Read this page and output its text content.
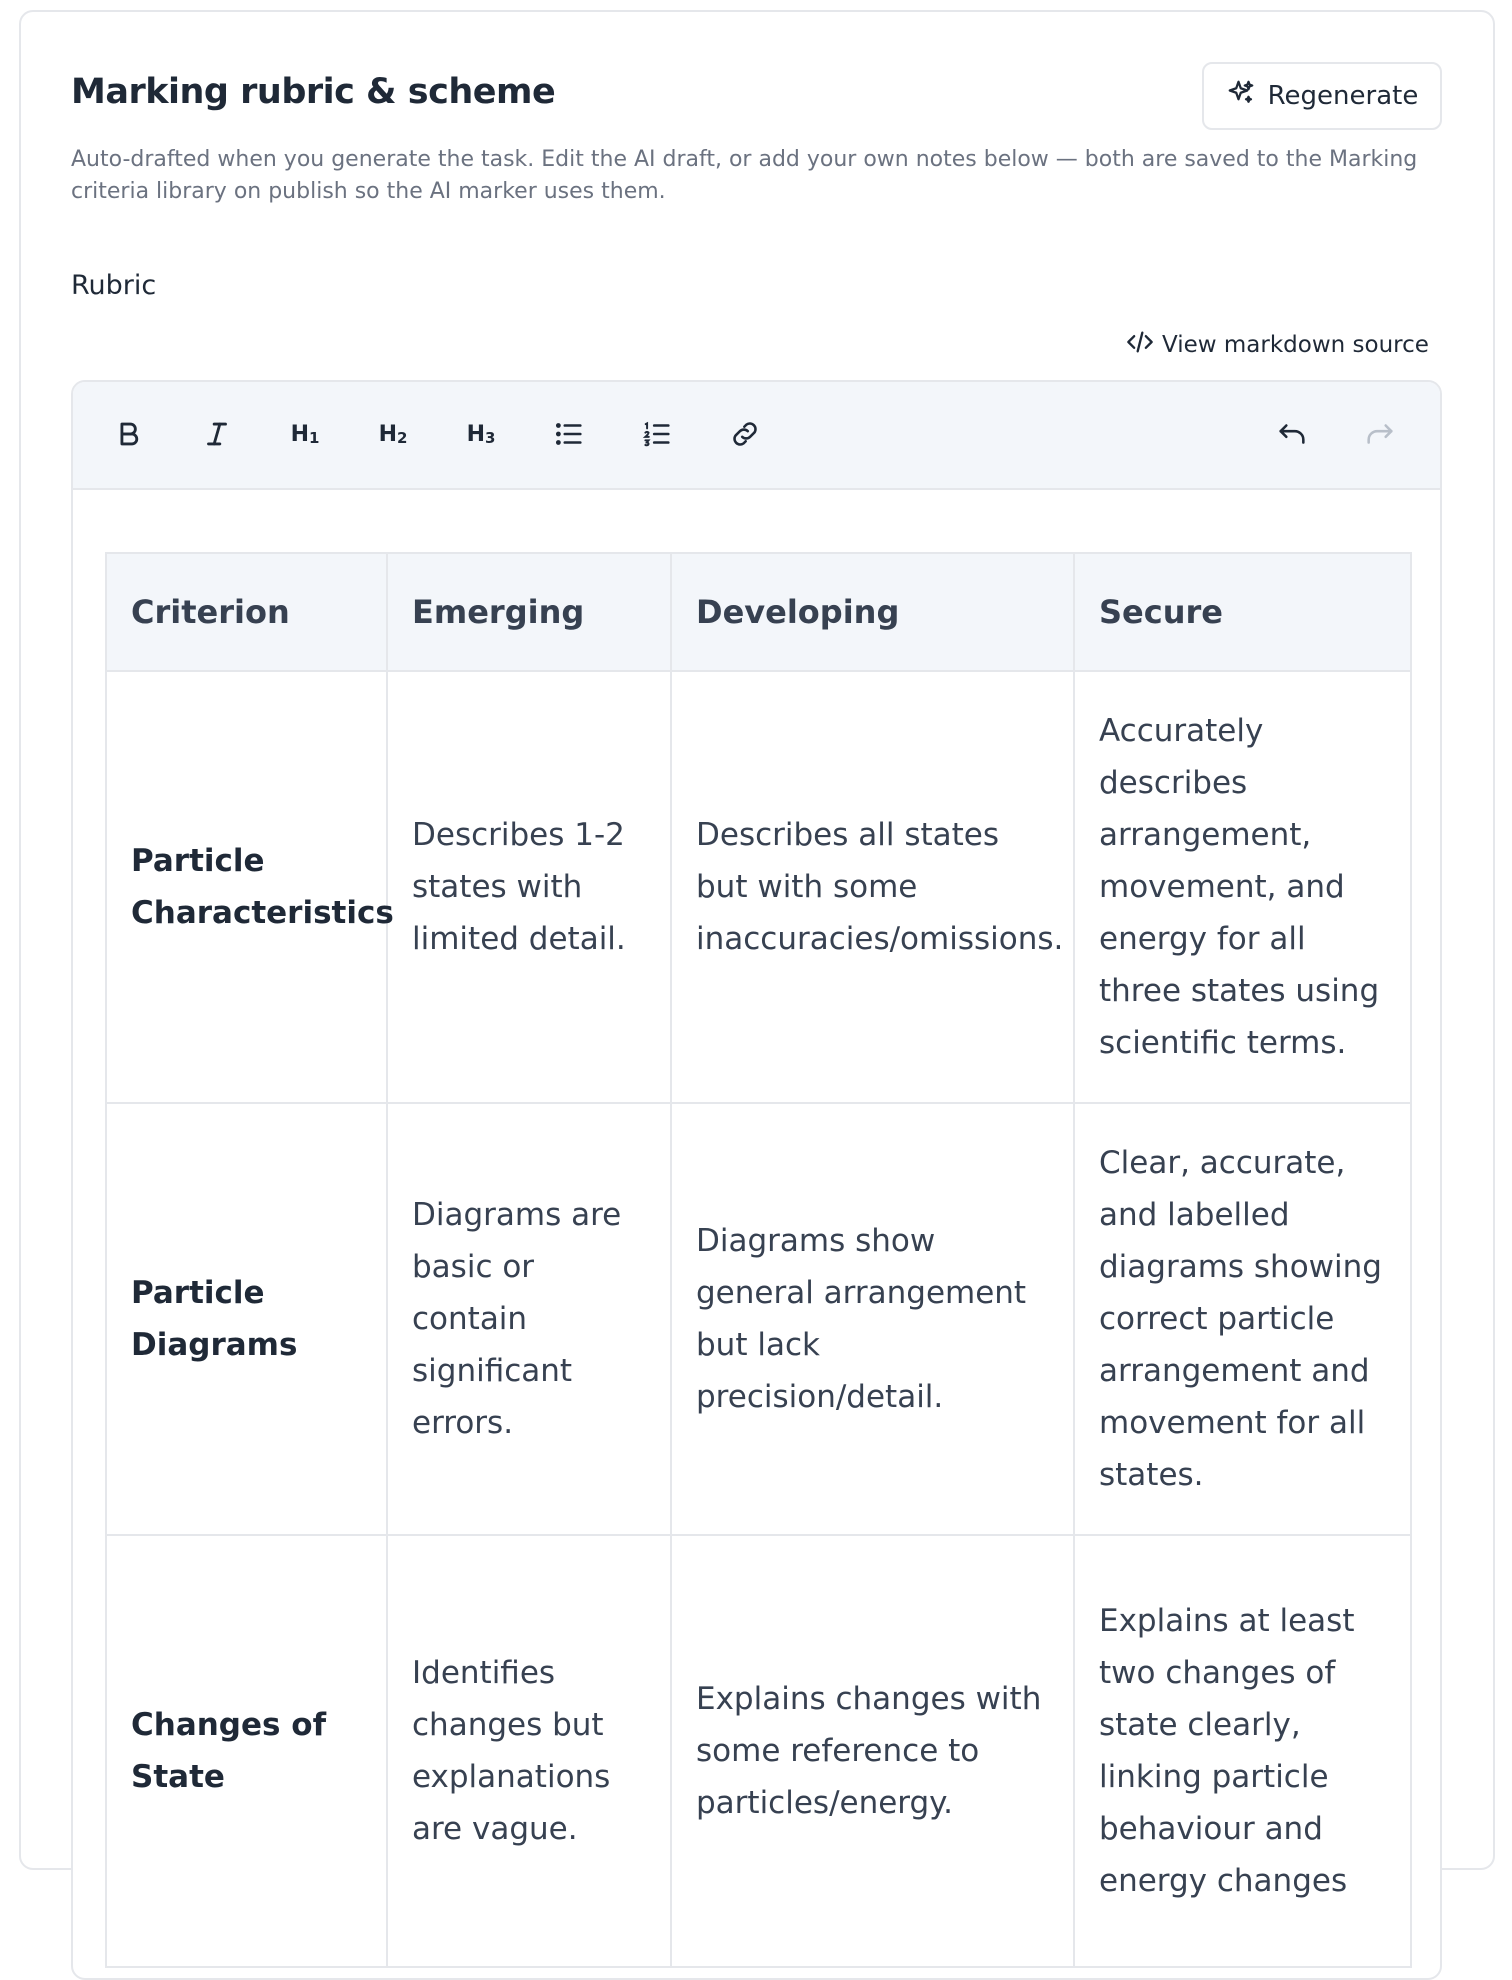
Marking rubric & scheme	Regenerate
Auto-drafted when you generate the task. Edit the AI draft, or add your own notes below — both are saved to the Marking criteria library on publish so the AI marker uses them.
Rubric
View markdown source
$H_1$	$H_2$	$H_3$
Criterion	Emerging	Developing	Secure
Particle Characteristics	Describes 1-2 states with limited detail.	Describes all states but with some inaccuracies/omissions.	Accurately describes arrangement, movement, and energy for all three states using scientific terms.
Particle Diagrams	Diagrams are basic or contain significant errors.	Diagrams show general arrangement but lack precision/detail.	Clear, accurate, and labelled diagrams showing correct particle arrangement and movement for all states.
Changes of State	Identifies changes but explanations are vague.	Explains changes with some reference to particles/energy.	Explains at least two changes of state clearly, linking particle behaviour and energy changes
